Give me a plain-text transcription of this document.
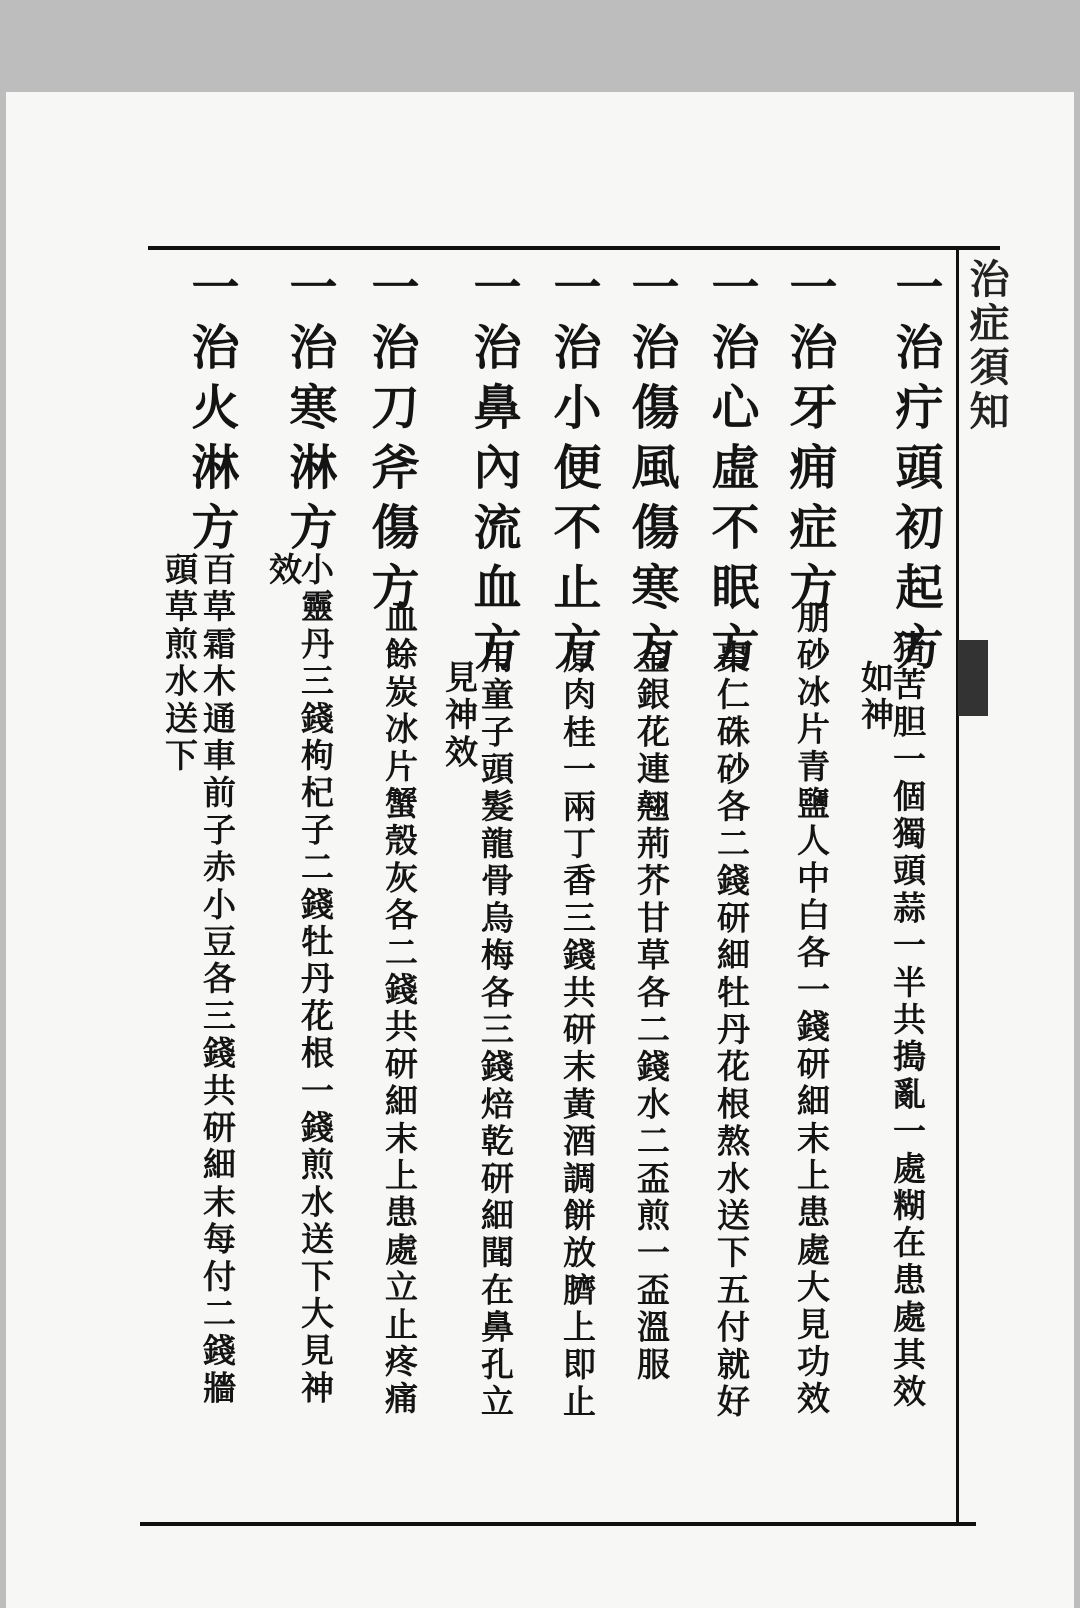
治症須知
一治疔頭初起方
猪苦胆一個獨頭蒜一半共搗亂一處糊在患處其效
如神
一治牙痈症方
朋砂冰片青鹽人中白各一錢研細末上患處大見功效
一治心虛不眠方
棗仁硃砂各二錢研細牡丹花根熬水送下五付就好
一治傷風傷寒方
金銀花連翹荊芥甘草各二錢水二盃煎一盃溫服
一治小便不止方
原肉桂一兩丁香三錢共研末黃酒調餅放臍上即止
一治鼻內流血方
用童子頭髮龍骨烏梅各三錢焙乾研細聞在鼻孔立
見神效
一治刀斧傷方
血餘炭冰片蟹殼灰各二錢共研細末上患處立止疼痛
一治寒淋方
小靈丹三錢枸杞子二錢牡丹花根一錢煎水送下大見神
效
一治火淋方
百草霜木通車前子赤小豆各三錢共研細末每付二錢牆
頭草煎水送下
